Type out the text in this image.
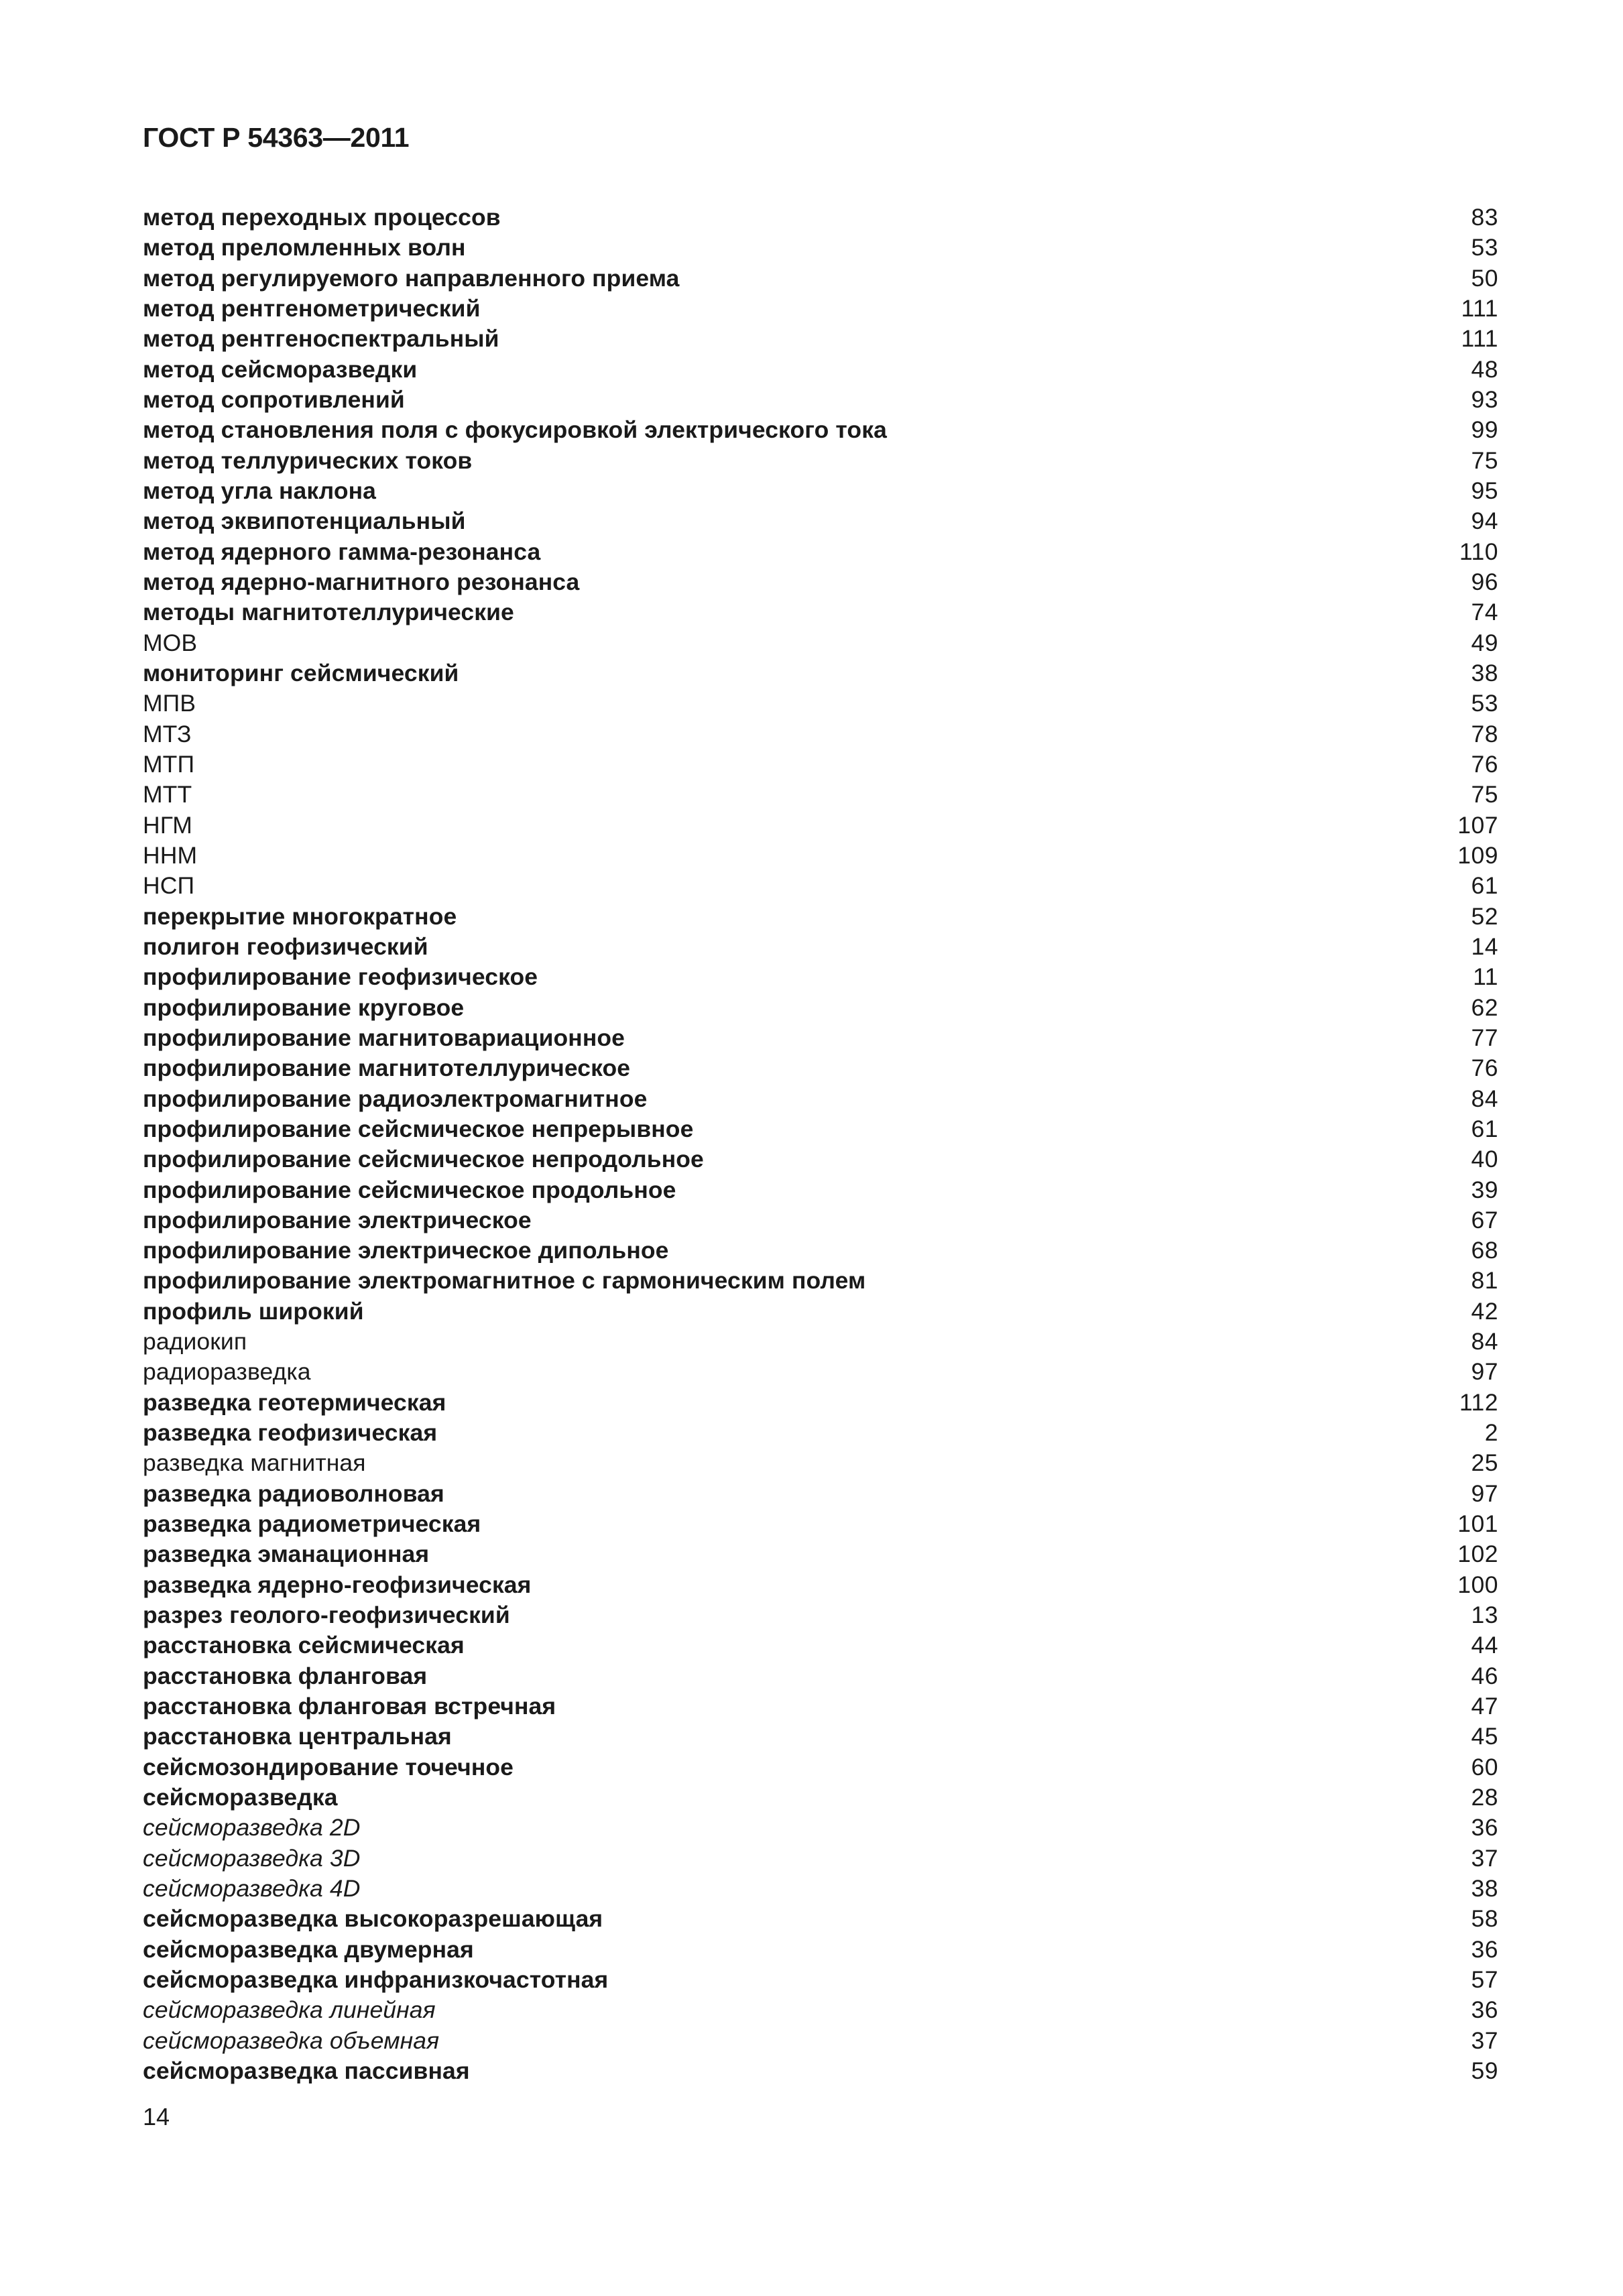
ГОСТ Р 54363—2011
метод переходных процессов	83
метод преломленных волн	53
метод регулируемого направленного приема	50
метод рентгенометрический	111
метод рентгеноспектральный	111
метод сейсморазведки	48
метод сопротивлений	93
метод становления поля с фокусировкой электрического тока	99
метод теллурических токов	75
метод угла наклона	95
метод эквипотенциальный	94
метод ядерного гамма-резонанса	110
метод ядерно-магнитного резонанса	96
методы магнитотеллурические	74
МОВ	49
мониторинг сейсмический	38
МПВ	53
МТЗ	78
МТП	76
МТТ	75
НГМ	107
ННМ	109
НСП	61
перекрытие многократное	52
полигон геофизический	14
профилирование геофизическое	11
профилирование круговое	62
профилирование магнитовариационное	77
профилирование магнитотеллурическое	76
профилирование радиоэлектромагнитное	84
профилирование сейсмическое непрерывное	61
профилирование сейсмическое непродольное	40
профилирование сейсмическое продольное	39
профилирование электрическое	67
профилирование электрическое дипольное	68
профилирование электромагнитное с гармоническим полем	81
профиль широкий	42
радиокип	84
радиоразведка	97
разведка геотермическая	112
разведка геофизическая	2
разведка магнитная	25
разведка радиоволновая	97
разведка радиометрическая	101
разведка эманационная	102
разведка ядерно-геофизическая	100
разрез геолого-геофизический	13
расстановка сейсмическая	44
расстановка фланговая	46
расстановка фланговая встречная	47
расстановка центральная	45
сейсмозондирование точечное	60
сейсморазведка	28
сейсморазведка 2D	36
сейсморазведка 3D	37
сейсморазведка 4D	38
сейсморазведка высокоразрешающая	58
сейсморазведка двумерная	36
сейсморазведка инфранизкочастотная	57
сейсморазведка линейная	36
сейсморазведка объемная	37
сейсморазведка пассивная	59
14
